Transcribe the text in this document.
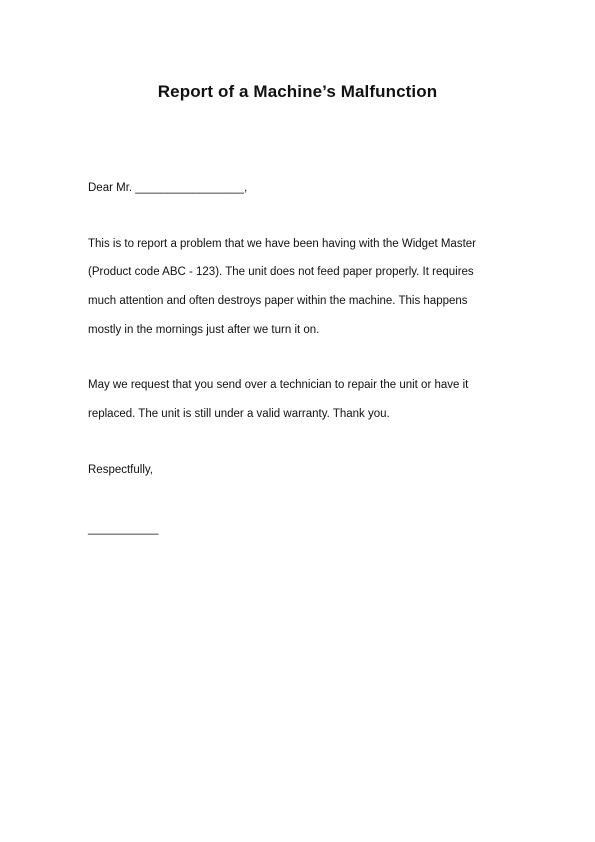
Report of a Machine’s Malfunction
Dear Mr. _________________,
This is to report a problem that we have been having with the Widget Master
(Product code ABC - 123). The unit does not feed paper properly. It requires
much attention and often destroys paper within the machine. This happens
mostly in the mornings just after we turn it on.
May we request that you send over a technician to repair the unit or have it
replaced. The unit is still under a valid warranty. Thank you.
Respectfully,
___________
